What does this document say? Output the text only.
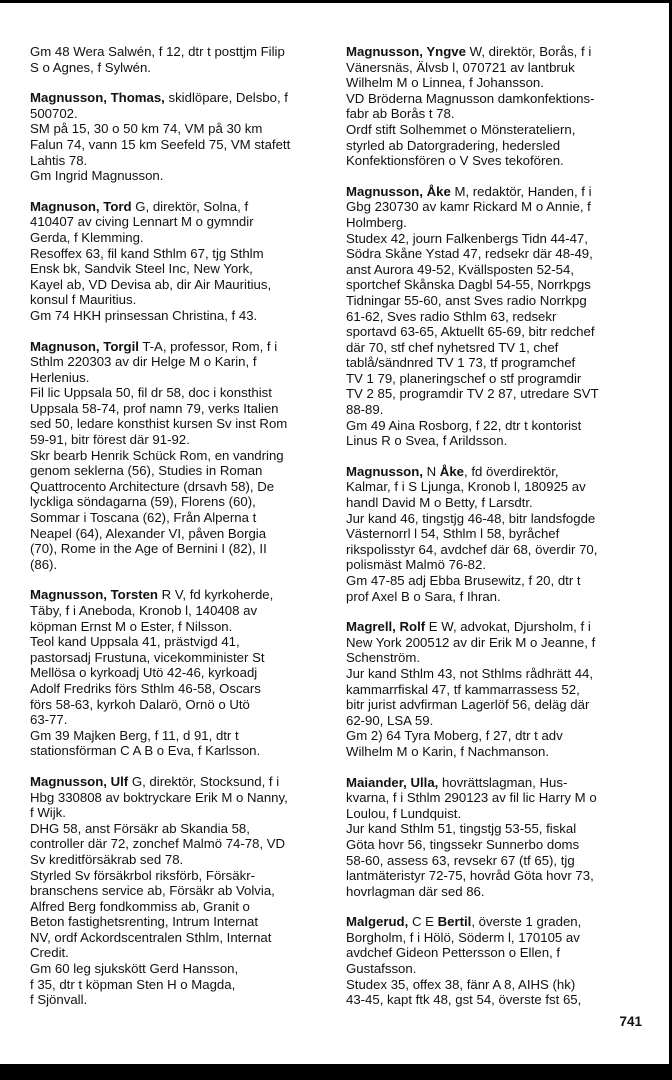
Gm 48 Wera Salwén, f 12, dtr t posttjm Filip
S o Agnes, f Sylwén.
Magnusson, Thomas, skidlöpare, Delsbo, f
500702.
SM på 15, 30 o 50 km 74, VM på 30 km
Falun 74, vann 15 km Seefeld 75, VM stafett
Lahtis 78.
Gm Ingrid Magnusson.
Magnuson, Tord G, direktör, Solna, f
410407 av civing Lennart M o gymndir
Gerda, f Klemming.
Resoffex 63, fil kand Sthlm 67, tjg Sthlm
Ensk bk, Sandvik Steel Inc, New York,
Kayel ab, VD Devisa ab, dir Air Mauritius,
konsul f Mauritius.
Gm 74 HKH prinsessan Christina, f 43.
Magnuson, Torgil T-A, professor, Rom, f i
Sthlm 220303 av dir Helge M o Karin, f
Herlenius.
Fil lic Uppsala 50, fil dr 58, doc i konsthist
Uppsala 58-74, prof namn 79, verks Italien
sed 50, ledare konsthist kursen Sv inst Rom
59-91, bitr förest där 91-92.
Skr bearb Henrik Schück Rom, en vandring
genom seklerna (56), Studies in Roman
Quattrocento Architecture (drsavh 58), De
lyckliga söndagarna (59), Florens (60),
Sommar i Toscana (62), Från Alperna t
Neapel (64), Alexander VI, påven Borgia
(70), Rome in the Age of Bernini I (82), II
(86).
Magnusson, Torsten R V, fd kyrkoherde,
Täby, f i Aneboda, Kronob l, 140408 av
köpman Ernst M o Ester, f Nilsson.
Teol kand Uppsala 41, prästvigd 41,
pastorsadj Frustuna, vicekomminister St
Mellösa o kyrkoadj Utö 42-46, kyrkoadj
Adolf Fredriks förs Sthlm 46-58, Oscars
förs 58-63, kyrkoh Dalarö, Ornö o Utö
63-77.
Gm 39 Majken Berg, f 11, d 91, dtr t
stationsförman C A B o Eva, f Karlsson.
Magnusson, Ulf G, direktör, Stocksund, f i
Hbg 330808 av boktryckare Erik M o Nanny,
f Wijk.
DHG 58, anst Försäkr ab Skandia 58,
controller där 72, zonchef Malmö 74-78, VD
Sv kreditförsäkrab sed 78.
Styrled Sv försäkrbol riksförb, Försäkr-
branschens service ab, Försäkr ab Volvia,
Alfred Berg fondkommiss ab, Granit o
Beton fastighetsrenting, Intrum Internat
NV, ordf Ackordscentralen Sthlm, Internat
Credit.
Gm 60 leg sjukskött Gerd Hansson,
f 35, dtr t köpman Sten H o Magda,
f Sjönvall.
Magnusson, Yngve W, direktör, Borås, f i
Vänersnäs, Älvsb l, 070721 av lantbruk
Wilhelm M o Linnea, f Johansson.
VD Bröderna Magnusson damkonfektions-
fabr ab Borås t 78.
Ordf stift Solhemmet o Mönsterateliern,
styrled ab Datorgradering, hedersled
Konfektionsfören o V Sves tekofören.
Magnusson, Åke M, redaktör, Handen, f i
Gbg 230730 av kamr Rickard M o Annie, f
Holmberg.
Studex 42, journ Falkenbergs Tidn 44-47,
Södra Skåne Ystad 47, redsekr där 48-49,
anst Aurora 49-52, Kvällsposten 52-54,
sportchef Skånska Dagbl 54-55, Norrkpgs
Tidningar 55-60, anst Sves radio Norrkpg
61-62, Sves radio Sthlm 63, redsekr
sportavd 63-65, Aktuellt 65-69, bitr redchef
där 70, stf chef nyhetsred TV 1, chef
tablå/sändnred TV 1 73, tf programchef
TV 1 79, planeringschef o stf programdir
TV 2 85, programdir TV 2 87, utredare SVT
88-89.
Gm 49 Aina Rosborg, f 22, dtr t kontorist
Linus R o Svea, f Arildsson.
Magnusson, N Åke, fd överdirektör,
Kalmar, f i S Ljunga, Kronob l, 180925 av
handl David M o Betty, f Larsdtr.
Jur kand 46, tingstjg 46-48, bitr landsfogde
Västernorrl l 54, Sthlm l 58, byråchef
rikspolisstyr 64, avdchef där 68, överdir 70,
polismäst Malmö 76-82.
Gm 47-85 adj Ebba Brusewitz, f 20, dtr t
prof Axel B o Sara, f Ihran.
Magrell, Rolf E W, advokat, Djursholm, f i
New York 200512 av dir Erik M o Jeanne, f
Schenström.
Jur kand Sthlm 43, not Sthlms rådhrätt 44,
kammarrfiskal 47, tf kammarrassess 52,
bitr jurist advfirman Lagerlöf 56, deläg där
62-90, LSA 59.
Gm 2) 64 Tyra Moberg, f 27, dtr t adv
Wilhelm M o Karin, f Nachmanson.
Maiander, Ulla, hovrättslagman, Hus-
kvarna, f i Sthlm 290123 av fil lic Harry M o
Loulou, f Lundquist.
Jur kand Sthlm 51, tingstjg 53-55, fiskal
Göta hovr 56, tingssekr Sunnerbo doms
58-60, assess 63, revsekr 67 (tf 65), tjg
lantmäteristyr 72-75, hovråd Göta hovr 73,
hovrlagman där sed 86.
Malgerud, C E Bertil, överste 1 graden,
Borgholm, f i Hölö, Söderm l, 170105 av
avdchef Gideon Pettersson o Ellen, f
Gustafsson.
Studex 35, offex 38, fänr A 8, AIHS (hk)
43-45, kapt ftk 48, gst 54, överste fst 65,
741
